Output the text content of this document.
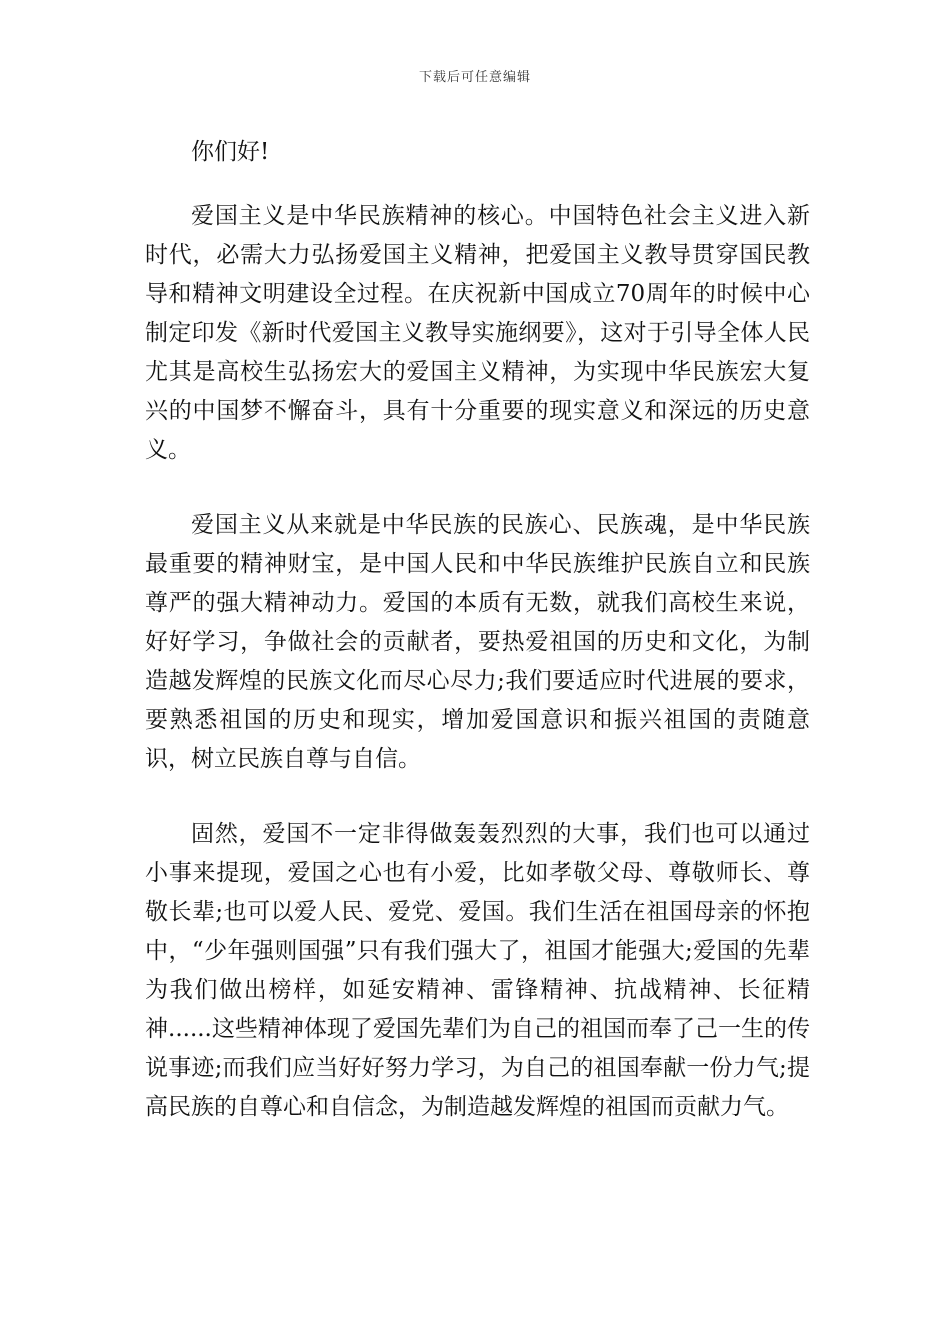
下载后可任意编辑

你们好!

爱国主义是中华民族精神的核心。中国特色社会主义进入新时代，必需大力弘扬爱国主义精神，把爱国主义教导贯穿国民教导和精神文明建设全过程。在庆祝新中国成立70周年的时候中心制定印发《新时代爱国主义教导实施纲要》，这对于引导全体人民尤其是高校生弘扬宏大的爱国主义精神，为实现中华民族宏大复兴的中国梦不懈奋斗，具有十分重要的现实意义和深远的历史意义。

爱国主义从来就是中华民族的民族心、民族魂，是中华民族最重要的精神财宝，是中国人民和中华民族维护民族自立和民族尊严的强大精神动力。爱国的本质有无数，就我们高校生来说，好好学习，争做社会的贡献者，要热爱祖国的历史和文化，为制造越发辉煌的民族文化而尽心尽力;我们要适应时代进展的要求，要熟悉祖国的历史和现实，增加爱国意识和振兴祖国的责随意识，树立民族自尊与自信。

固然，爱国不一定非得做轰轰烈烈的大事，我们也可以通过小事来提现，爱国之心也有小爱，比如孝敬父母、尊敬师长、尊敬长辈;也可以爱人民、爱党、爱国。我们生活在祖国母亲的怀抱中，“少年强则国强”只有我们强大了，祖国才能强大;爱国的先辈为我们做出榜样，如延安精神、雷锋精神、抗战精神、长征精神......这些精神体现了爱国先辈们为自己的祖国而奉了己一生的传说事迹;而我们应当好好努力学习，为自己的祖国奉献一份力气;提高民族的自尊心和自信念，为制造越发辉煌的祖国而贡献力气。
